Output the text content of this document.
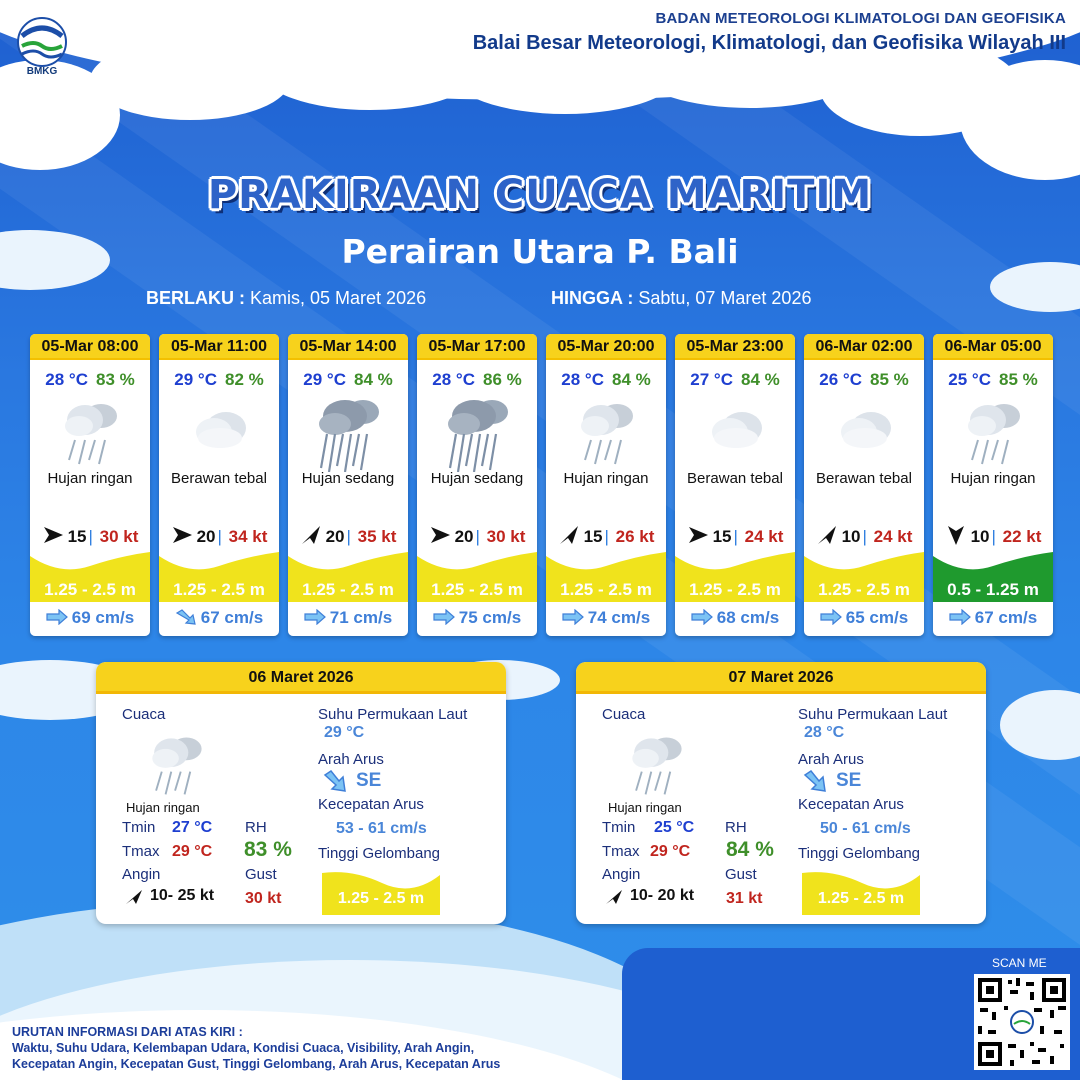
BMKG
BADAN METEOROLOGI KLIMATOLOGI DAN GEOFISIKA
Balai Besar Meteorologi, Klimatologi, dan Geofisika Wilayah III
PRAKIRAAN CUACA MARITIM
Perairan Utara P. Bali
BERLAKU : Kamis, 05 Maret 2026	HINGGA : Sabtu, 07 Maret 2026
05-Mar 08:00
28 °C 83 %
Hujan ringan
15 | 30 kt
1.25 - 2.5 m
69 cm/s
05-Mar 11:00
29 °C 82 %
Berawan tebal
20 | 34 kt
1.25 - 2.5 m
67 cm/s
05-Mar 14:00
29 °C 84 %
Hujan sedang
20 | 35 kt
1.25 - 2.5 m
71 cm/s
05-Mar 17:00
28 °C 86 %
Hujan sedang
20 | 30 kt
1.25 - 2.5 m
75 cm/s
05-Mar 20:00
28 °C 84 %
Hujan ringan
15 | 26 kt
1.25 - 2.5 m
74 cm/s
05-Mar 23:00
27 °C 84 %
Berawan tebal
15 | 24 kt
1.25 - 2.5 m
68 cm/s
06-Mar 02:00
26 °C 85 %
Berawan tebal
10 | 24 kt
1.25 - 2.5 m
65 cm/s
06-Mar 05:00
25 °C 85 %
Hujan ringan
10 | 22 kt
0.5 - 1.25 m
67 cm/s
06 Maret 2026
Cuaca
Hujan ringan
Tmin 27 °C
Tmax 29 °C
RH
83 %
Angin
10- 25 kt
Gust
30 kt
Suhu Permukaan Laut
29 °C
Arah Arus
SE
Kecepatan Arus
53 - 61 cm/s
Tinggi Gelombang
1.25 - 2.5 m
07 Maret 2026
Cuaca
Hujan ringan
Tmin 25 °C
Tmax 29 °C
RH
84 %
Angin
10- 20 kt
Gust
31 kt
Suhu Permukaan Laut
28 °C
Arah Arus
SE
Kecepatan Arus
50 - 61 cm/s
Tinggi Gelombang
1.25 - 2.5 m
SCAN ME
URUTAN INFORMASI DARI ATAS KIRI :
Waktu, Suhu Udara, Kelembapan Udara, Kondisi Cuaca, Visibility, Arah Angin,
Kecepatan Angin, Kecepatan Gust, Tinggi Gelombang, Arah Arus, Kecepatan Arus
